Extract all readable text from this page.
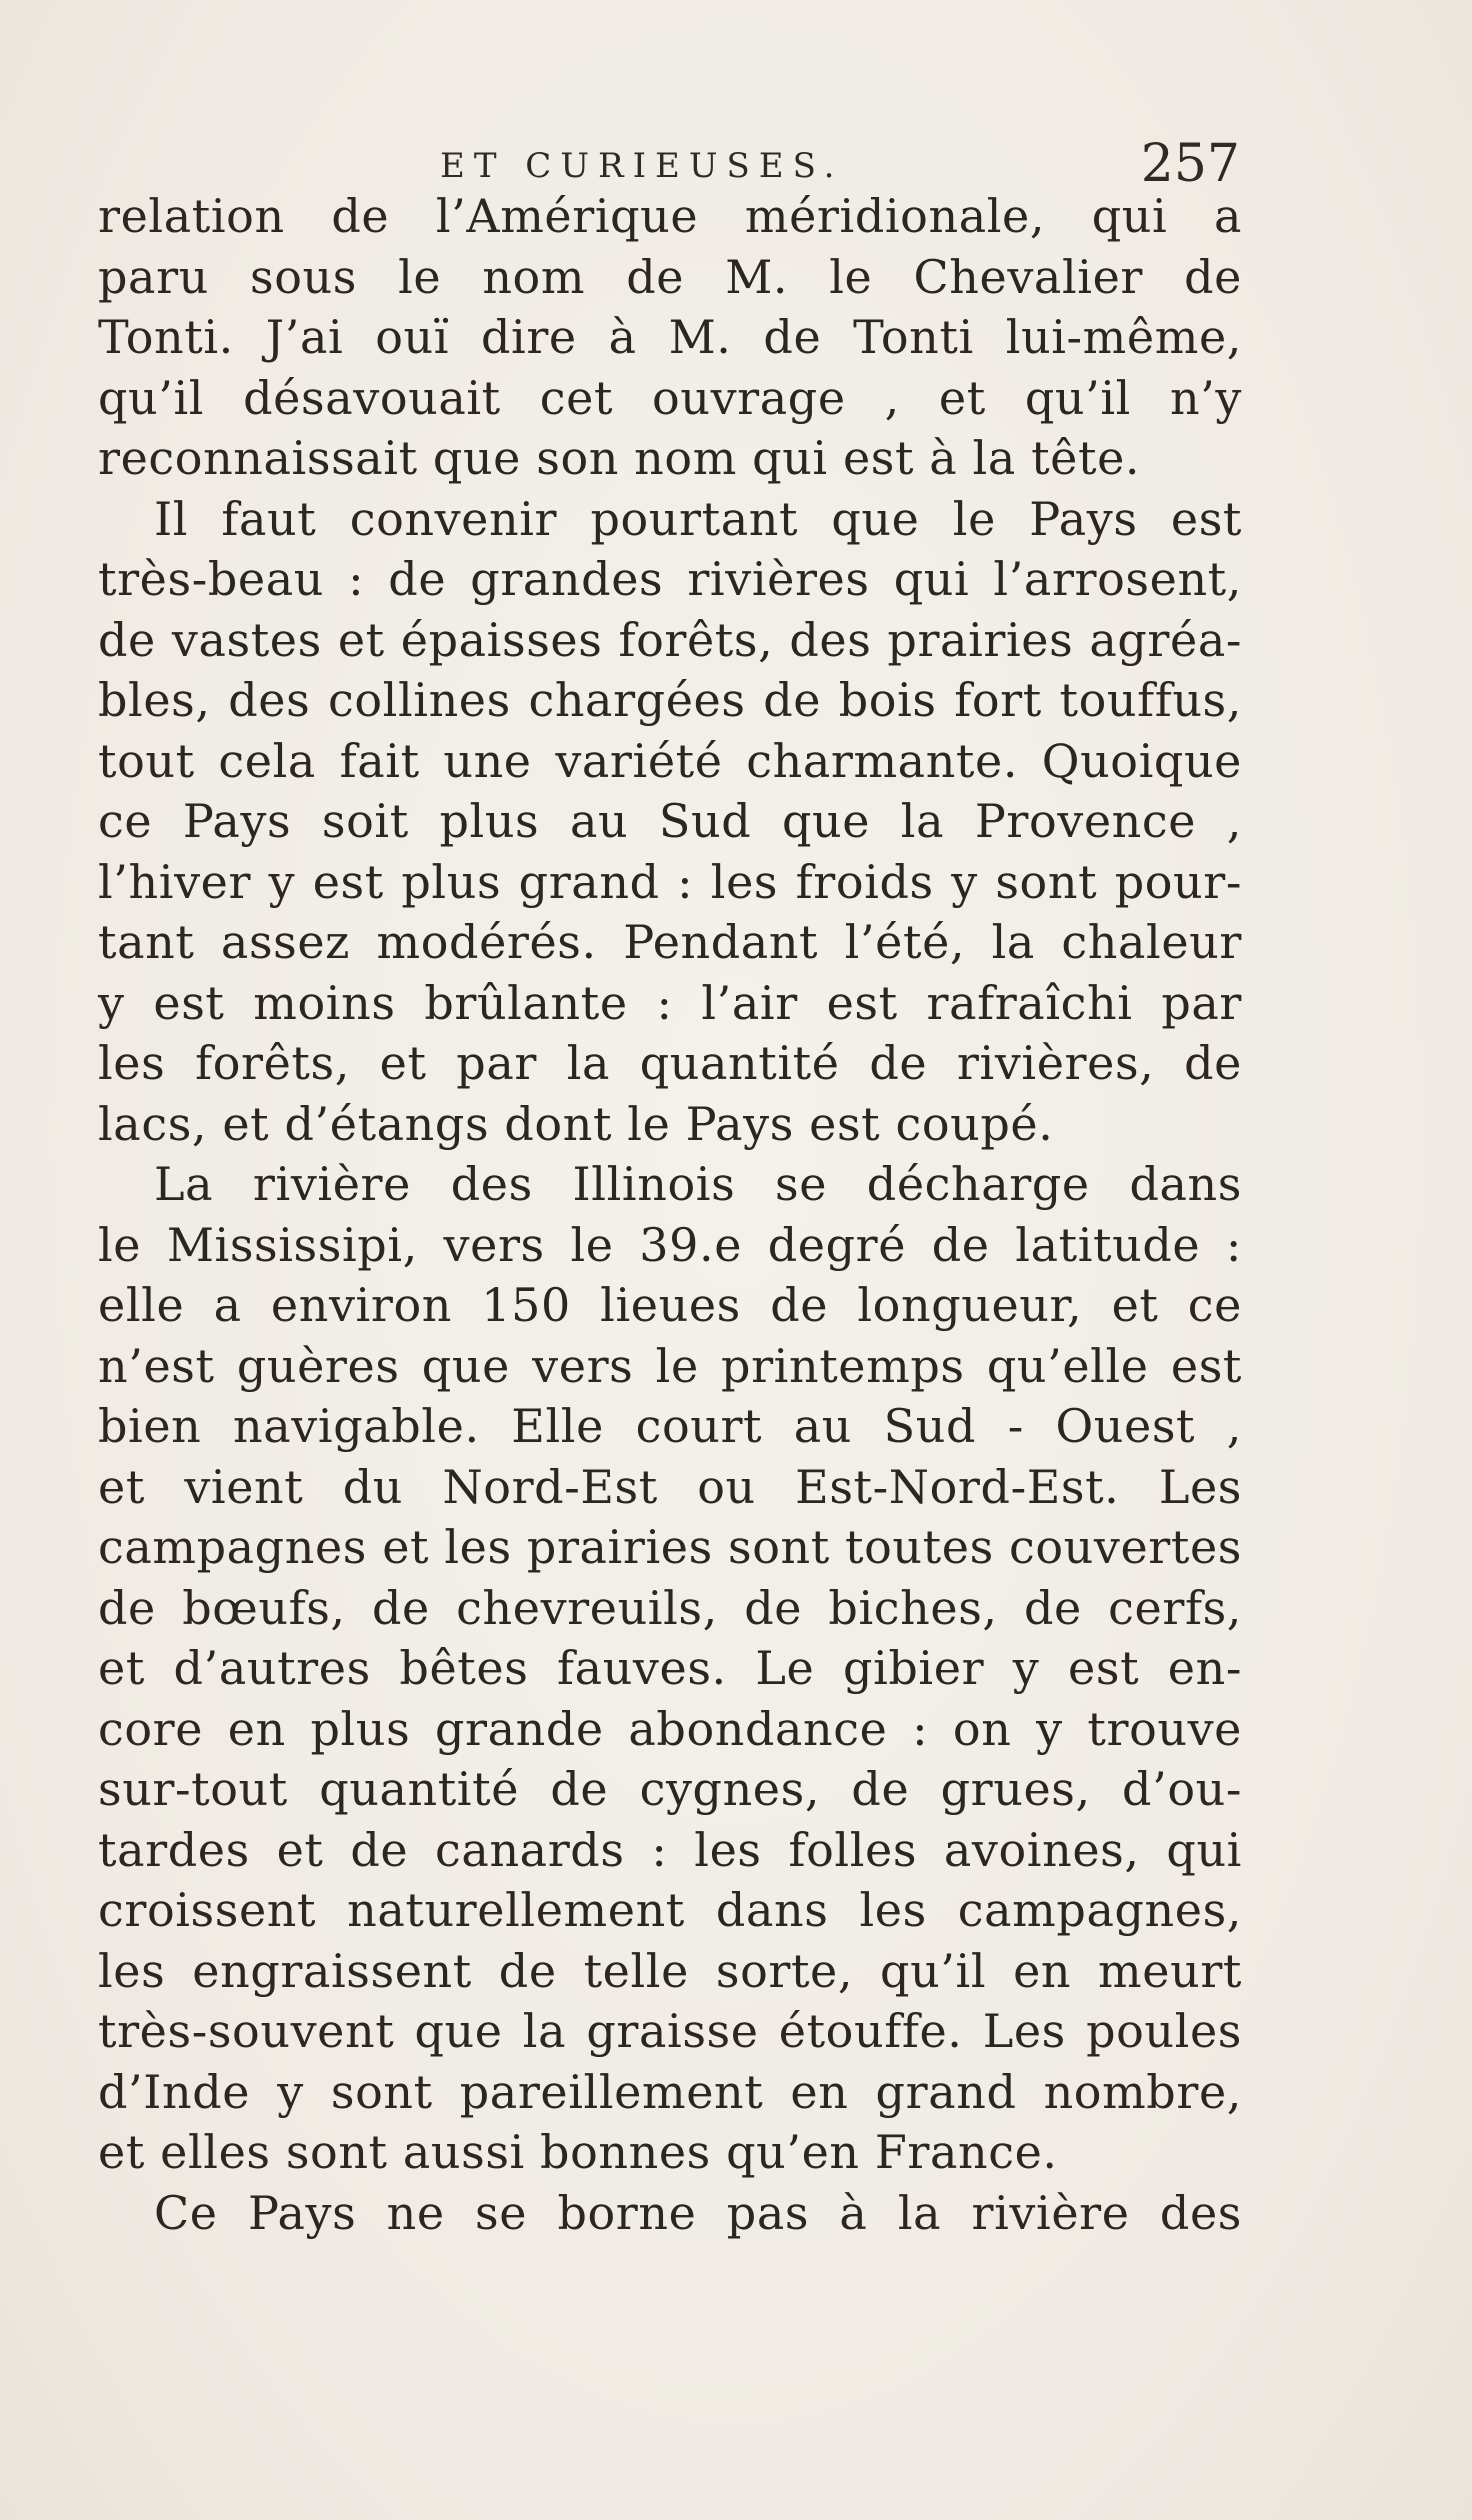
ET CURIEUSES.	257
relation de l’Amérique méridionale, qui a
paru sous le nom de M. le Chevalier de
Tonti. J’ai ouï dire à M. de Tonti lui-même,
qu’il désavouait cet ouvrage , et qu’il n’y
reconnaissait que son nom qui est à la tête.
Il faut convenir pourtant que le Pays est
très-beau : de grandes rivières qui l’arrosent,
de vastes et épaisses forêts, des prairies agréa-
bles, des collines chargées de bois fort touffus,
tout cela fait une variété charmante. Quoique
ce Pays soit plus au Sud que la Provence ,
l’hiver y est plus grand : les froids y sont pour-
tant assez modérés. Pendant l’été, la chaleur
y est moins brûlante : l’air est rafraîchi par
les forêts, et par la quantité de rivières, de
lacs, et d’étangs dont le Pays est coupé.
La rivière des Illinois se décharge dans
le Mississipi, vers le 39.e degré de latitude :
elle a environ 150 lieues de longueur, et ce
n’est guères que vers le printemps qu’elle est
bien navigable. Elle court au Sud - Ouest ,
et vient du Nord-Est ou Est-Nord-Est. Les
campagnes et les prairies sont toutes couvertes
de bœufs, de chevreuils, de biches, de cerfs,
et d’autres bêtes fauves. Le gibier y est en-
core en plus grande abondance : on y trouve
sur-tout quantité de cygnes, de grues, d’ou-
tardes et de canards : les folles avoines, qui
croissent naturellement dans les campagnes,
les engraissent de telle sorte, qu’il en meurt
très-souvent que la graisse étouffe. Les poules
d’Inde y sont pareillement en grand nombre,
et elles sont aussi bonnes qu’en France.
Ce Pays ne se borne pas à la rivière des
